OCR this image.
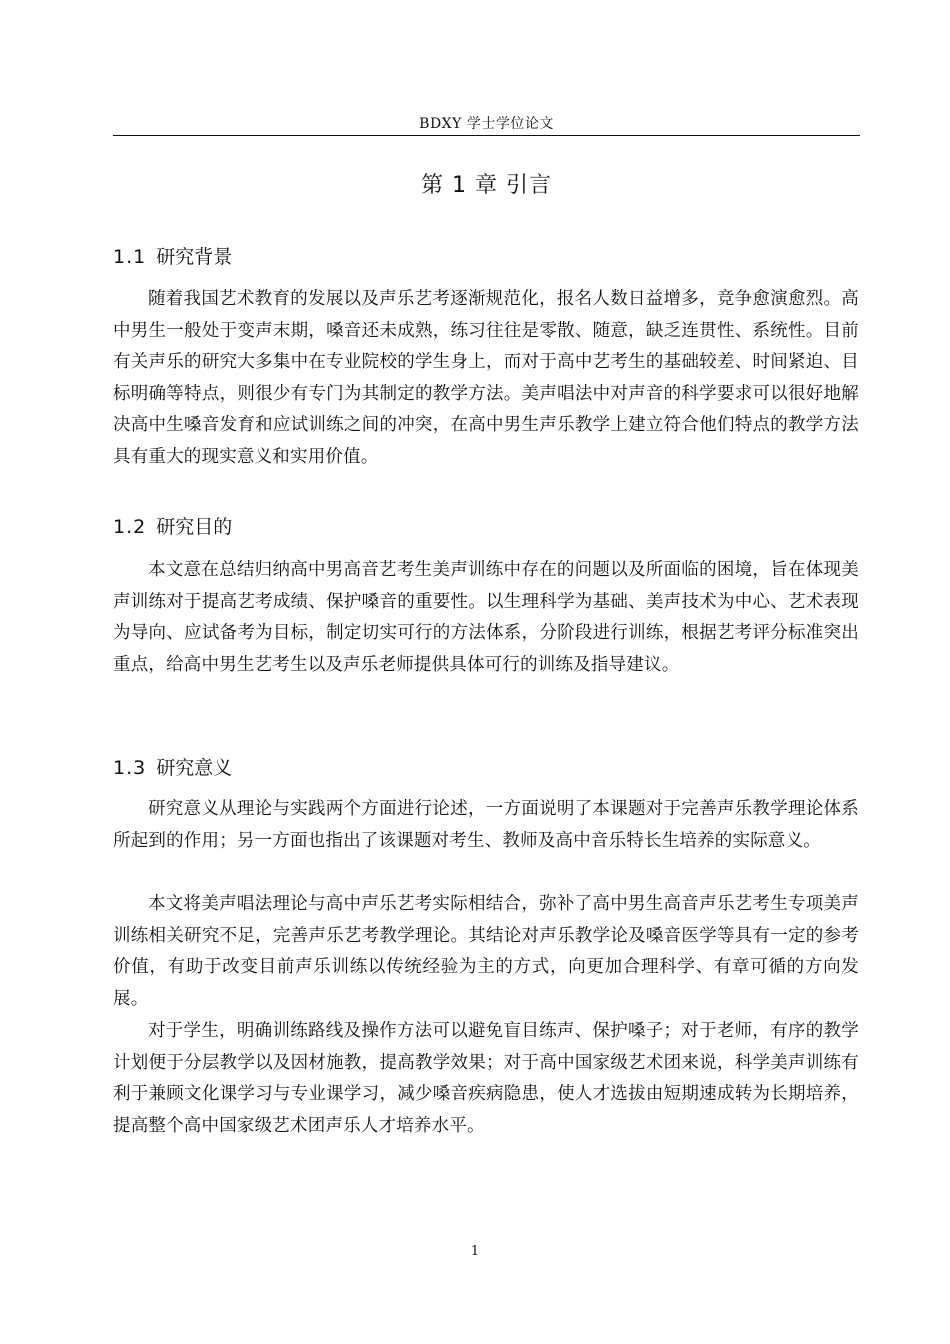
BDXY 学士学位论文
第 1 章 引言
1.1 研究背景

随着我国艺术教育的发展以及声乐艺考逐渐规范化，报名人数日益增多，竞争愈演愈烈。高中男生一般处于变声末期，嗓音还未成熟，练习往往是零散、随意，缺乏连贯性、系统性。目前有关声乐的研究大多集中在专业院校的学生身上，而对于高中艺考生的基础较差、时间紧迫、目标明确等特点，则很少有专门为其制定的教学方法。美声唱法中对声音的科学要求可以很好地解决高中生嗓音发育和应试训练之间的冲突，在高中男生声乐教学上建立符合他们特点的教学方法具有重大的现实意义和实用价值。

1.2 研究目的

本文意在总结归纳高中男高音艺考生美声训练中存在的问题以及所面临的困境，旨在体现美声训练对于提高艺考成绩、保护嗓音的重要性。以生理科学为基础、美声技术为中心、艺术表现为导向、应试备考为目标，制定切实可行的方法体系，分阶段进行训练，根据艺考评分标准突出重点，给高中男生艺考生以及声乐老师提供具体可行的训练及指导建议。

1.3 研究意义

研究意义从理论与实践两个方面进行论述，一方面说明了本课题对于完善声乐教学理论体系所起到的作用；另一方面也指出了该课题对考生、教师及高中音乐特长生培养的实际意义。

本文将美声唱法理论与高中声乐艺考实际相结合，弥补了高中男生高音声乐艺考生专项美声训练相关研究不足，完善声乐艺考教学理论。其结论对声乐教学论及嗓音医学等具有一定的参考价值，有助于改变目前声乐训练以传统经验为主的方式，向更加合理科学、有章可循的方向发展。

对于学生，明确训练路线及操作方法可以避免盲目练声、保护嗓子；对于老师，有序的教学计划便于分层教学以及因材施教，提高教学效果；对于高中国家级艺术团来说，科学美声训练有利于兼顾文化课学习与专业课学习，减少嗓音疾病隐患，使人才选拔由短期速成转为长期培养，提高整个高中国家级艺术团声乐人才培养水平。

1
